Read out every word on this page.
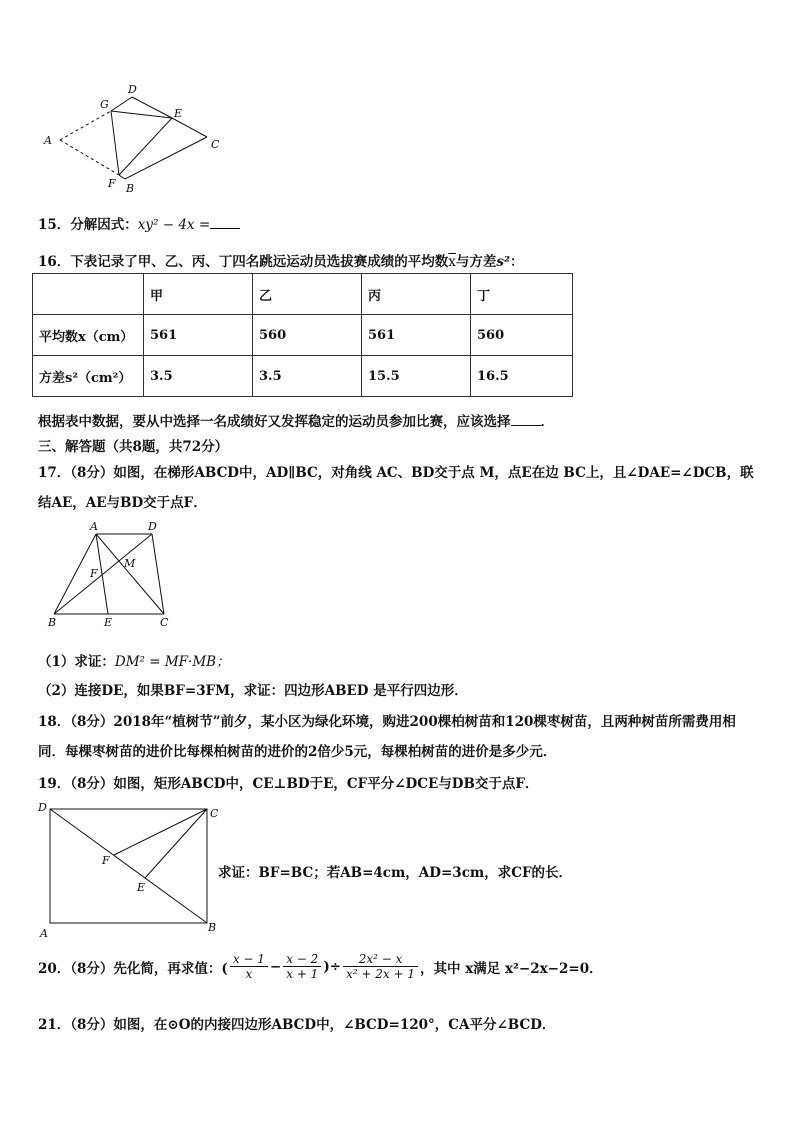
A
D
G
E
C
F B
15．分解因式：xy² − 4x =
16．下表记录了甲、乙、丙、丁四名跳远运动员选拔赛成绩的平均数$\overline{x}$与方差s²：
	甲	乙	丙	丁
平均数x（cm）	561	560	561	560
方差s²（cm²）	3.5	3.5	15.5	16.5
根据表中数据，要从中选择一名成绩好又发挥稳定的运动员参加比赛，应该选择 ．
三、解答题（共8题，共72分）
17．（8分）如图，在梯形ABCD中，AD∥BC，对角线 AC、BD交于点 M，点E在边 BC上，且∠DAE=∠DCB，联
结AE，AE与BD交于点F．
A	D
F
M
B	E	C
（1）求证：DM² = MF·MB；
（2）连接DE，如果BF=3FM，求证：四边形ABED 是平行四边形．
18．（8分）2018年“植树节”前夕，某小区为绿化环境，购进200棵柏树苗和120棵枣树苗，且两种树苗所需费用相
同．每棵枣树苗的进价比每棵柏树苗的进价的2倍少5元，每棵柏树苗的进价是多少元．
19．（8分）如图，矩形ABCD中，CE⊥BD于E，CF平分∠DCE与DB交于点F．
D	C
F
E
A	B
求证：BF=BC；若AB=4cm，AD=3cm，求CF的长．
20．（8分）先化简，再求值：( $\frac{x - 1}{x} - \frac{x - 2}{x + 1}$ )÷ $\frac{\text{2x² − x}}{\text{x² + 2x + 1}}$ ，其中 x满足 x²−2x−2=0．
21．（8分）如图，在⊙O的内接四边形ABCD中，∠BCD=120°，CA平分∠BCD．
